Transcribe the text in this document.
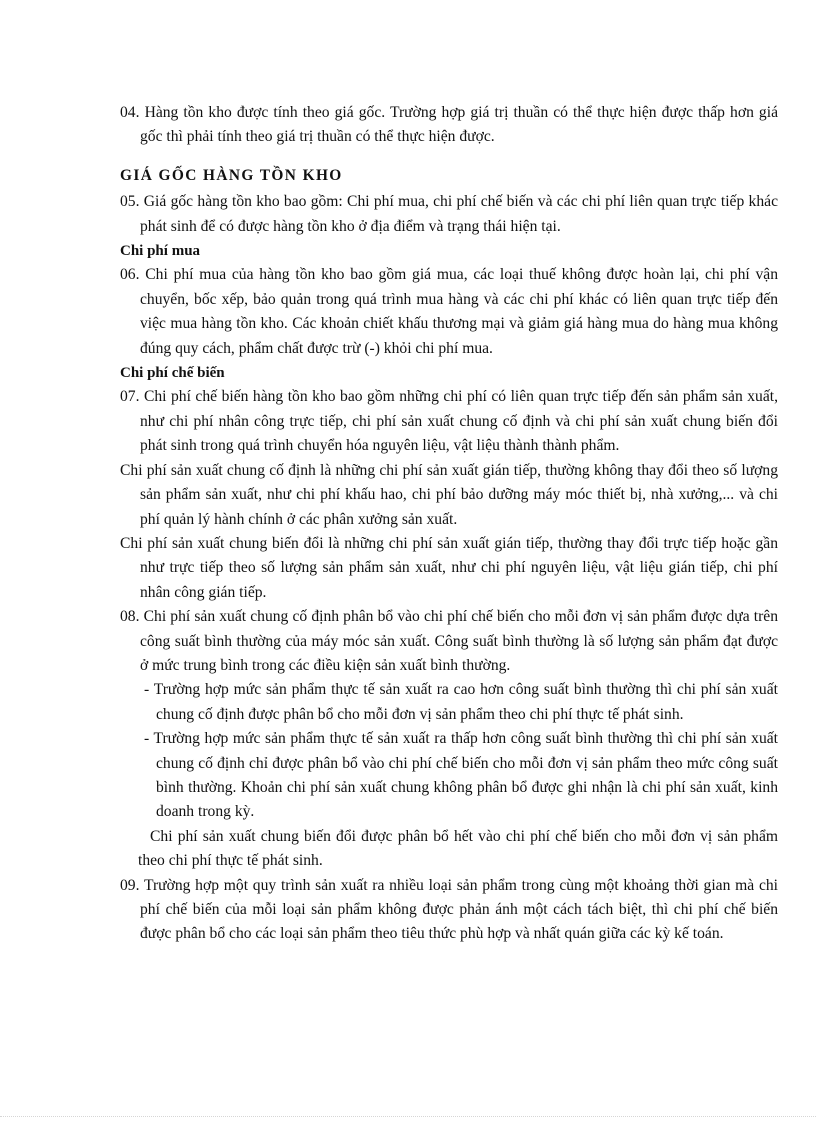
04. Hàng tồn kho được tính theo giá gốc. Trường hợp giá trị thuần có thể thực hiện được thấp hơn giá gốc thì phải tính theo giá trị thuần có thể thực hiện được.

GIÁ GỐC HÀNG TỒN KHO

05. Giá gốc hàng tồn kho bao gồm: Chi phí mua, chi phí chế biến và các chi phí liên quan trực tiếp khác phát sinh để có được hàng tồn kho ở địa điểm và trạng thái hiện tại.

Chi phí mua

06. Chi phí mua của hàng tồn kho bao gồm giá mua, các loại thuế không được hoàn lại, chi phí vận chuyển, bốc xếp, bảo quản trong quá trình mua hàng và các chi phí khác có liên quan trực tiếp đến việc mua hàng tồn kho. Các khoản chiết khấu thương mại và giảm giá hàng mua do hàng mua không đúng quy cách, phẩm chất được trừ (-) khỏi chi phí mua.

Chi phí chế biến

07. Chi phí chế biến hàng tồn kho bao gồm những chi phí có liên quan trực tiếp đến sản phẩm sản xuất, như chi phí nhân công trực tiếp, chi phí sản xuất chung cố định và chi phí sản xuất chung biến đổi phát sinh trong quá trình chuyển hóa nguyên liệu, vật liệu thành thành phẩm.

Chi phí sản xuất chung cố định là những chi phí sản xuất gián tiếp, thường không thay đổi theo số lượng sản phẩm sản xuất, như chi phí khấu hao, chi phí bảo dưỡng máy móc thiết bị, nhà xưởng,... và chi phí quản lý hành chính ở các phân xưởng sản xuất.

Chi phí sản xuất chung biến đổi là những chi phí sản xuất gián tiếp, thường thay đổi trực tiếp hoặc gần như trực tiếp theo số lượng sản phẩm sản xuất, như chi phí nguyên liệu, vật liệu gián tiếp, chi phí nhân công gián tiếp.

08. Chi phí sản xuất chung cố định phân bổ vào chi phí chế biến cho mỗi đơn vị sản phẩm được dựa trên công suất bình thường của máy móc sản xuất. Công suất bình thường là số lượng sản phẩm đạt được ở mức trung bình trong các điều kiện sản xuất bình thường.

- Trường hợp mức sản phẩm thực tế sản xuất ra cao hơn công suất bình thường thì chi phí sản xuất chung cố định được phân bổ cho mỗi đơn vị sản phẩm theo chi phí thực tế phát sinh.

- Trường hợp mức sản phẩm thực tế sản xuất ra thấp hơn công suất bình thường thì chi phí sản xuất chung cố định chỉ được phân bổ vào chi phí chế biến cho mỗi đơn vị sản phẩm theo mức công suất bình thường. Khoản chi phí sản xuất chung không phân bổ được ghi nhận là chi phí sản xuất, kinh doanh trong kỳ.

Chi phí sản xuất chung biến đổi được phân bổ hết vào chi phí chế biến cho mỗi đơn vị sản phẩm theo chi phí thực tế phát sinh.

09. Trường hợp một quy trình sản xuất ra nhiều loại sản phẩm trong cùng một khoảng thời gian mà chi phí chế biến của mỗi loại sản phẩm không được phản ánh một cách tách biệt, thì chi phí chế biến được phân bổ cho các loại sản phẩm theo tiêu thức phù hợp và nhất quán giữa các kỳ kế toán.
